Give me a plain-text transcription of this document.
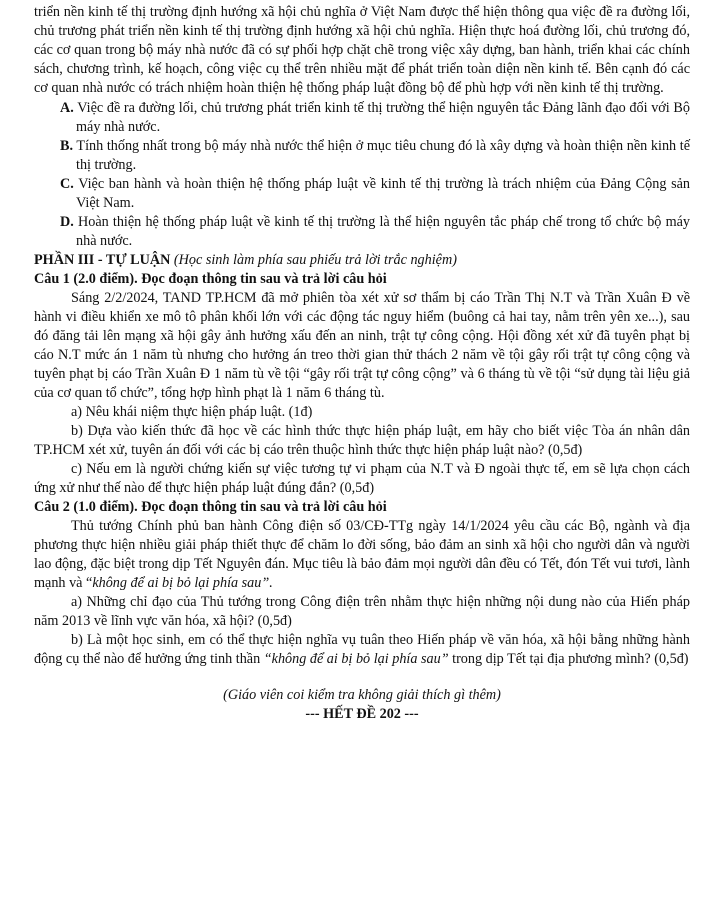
triển nền kinh tế thị trường định hướng xã hội chủ nghĩa ở Việt Nam được thể hiện thông qua việc đề ra đường lối, chủ trương phát triển nền kinh tế thị trường định hướng xã hội chủ nghĩa. Hiện thực hoá đường lối, chủ trương đó, các cơ quan trong bộ máy nhà nước đã có sự phối hợp chặt chẽ trong việc xây dựng, ban hành, triển khai các chính sách, chương trình, kế hoạch, công việc cụ thể trên nhiều mặt để phát triển toàn diện nền kinh tế. Bên cạnh đó các cơ quan nhà nước có trách nhiệm hoàn thiện hệ thống pháp luật đồng bộ để phù hợp với nền kinh tế thị trường.

A. Việc đề ra đường lối, chủ trương phát triển kinh tế thị trường thể hiện nguyên tắc Đảng lãnh đạo đối với Bộ máy nhà nước.

B. Tính thống nhất trong bộ máy nhà nước thể hiện ở mục tiêu chung đó là xây dựng và hoàn thiện nền kinh tế thị trường.

C. Việc ban hành và hoàn thiện hệ thống pháp luật về kinh tế thị trường là trách nhiệm của Đảng Cộng sản Việt Nam.

D. Hoàn thiện hệ thống pháp luật về kinh tế thị trường là thể hiện nguyên tắc pháp chế trong tổ chức bộ máy nhà nước.

PHẦN III - TỰ LUẬN (Học sinh làm phía sau phiếu trả lời trắc nghiệm)

Câu 1 (2.0 điểm). Đọc đoạn thông tin sau và trả lời câu hỏi

Sáng 2/2/2024, TAND TP.HCM đã mở phiên tòa xét xử sơ thẩm bị cáo Trần Thị N.T và Trần Xuân Đ về hành vi điều khiển xe mô tô phân khối lớn với các động tác nguy hiểm (buông cả hai tay, nằm trên yên xe...), sau đó đăng tải lên mạng xã hội gây ảnh hưởng xấu đến an ninh, trật tự công cộng. Hội đồng xét xử đã tuyên phạt bị cáo N.T mức án 1 năm tù nhưng cho hưởng án treo thời gian thử thách 2 năm về tội gây rối trật tự công cộng và tuyên phạt bị cáo Trần Xuân Đ 1 năm tù về tội “gây rối trật tự công cộng” và 6 tháng tù về tội “sử dụng tài liệu giả của cơ quan tổ chức”, tổng hợp hình phạt là 1 năm 6 tháng tù.

a) Nêu khái niệm thực hiện pháp luật. (1đ)

b) Dựa vào kiến thức đã học về các hình thức thực hiện pháp luật, em hãy cho biết việc Tòa án nhân dân TP.HCM xét xử, tuyên án đối với các bị cáo trên thuộc hình thức thực hiện pháp luật nào? (0,5đ)

c) Nếu em là người chứng kiến sự việc tương tự vi phạm của N.T và Đ ngoài thực tế, em sẽ lựa chọn cách ứng xử như thế nào để thực hiện pháp luật đúng đắn? (0,5đ)

Câu 2 (1.0 điểm). Đọc đoạn thông tin sau và trả lời câu hỏi

Thủ tướng Chính phủ ban hành Công điện số 03/CĐ-TTg ngày 14/1/2024 yêu cầu các Bộ, ngành và địa phương thực hiện nhiều giải pháp thiết thực để chăm lo đời sống, bảo đảm an sinh xã hội cho người dân và người lao động, đặc biệt trong dịp Tết Nguyên đán. Mục tiêu là bảo đảm mọi người dân đều có Tết, đón Tết vui tươi, lành mạnh và “không để ai bị bỏ lại phía sau”.

a) Những chỉ đạo của Thủ tướng trong Công điện trên nhằm thực hiện những nội dung nào của Hiến pháp năm 2013 về lĩnh vực văn hóa, xã hội? (0,5đ)

b) Là một học sinh, em có thể thực hiện nghĩa vụ tuân theo Hiến pháp về văn hóa, xã hội bằng những hành động cụ thể nào để hưởng ứng tinh thần “không để ai bị bỏ lại phía sau” trong dịp Tết tại địa phương mình? (0,5đ)

(Giáo viên coi kiểm tra không giải thích gì thêm)

--- HẾT ĐỀ 202 ---
